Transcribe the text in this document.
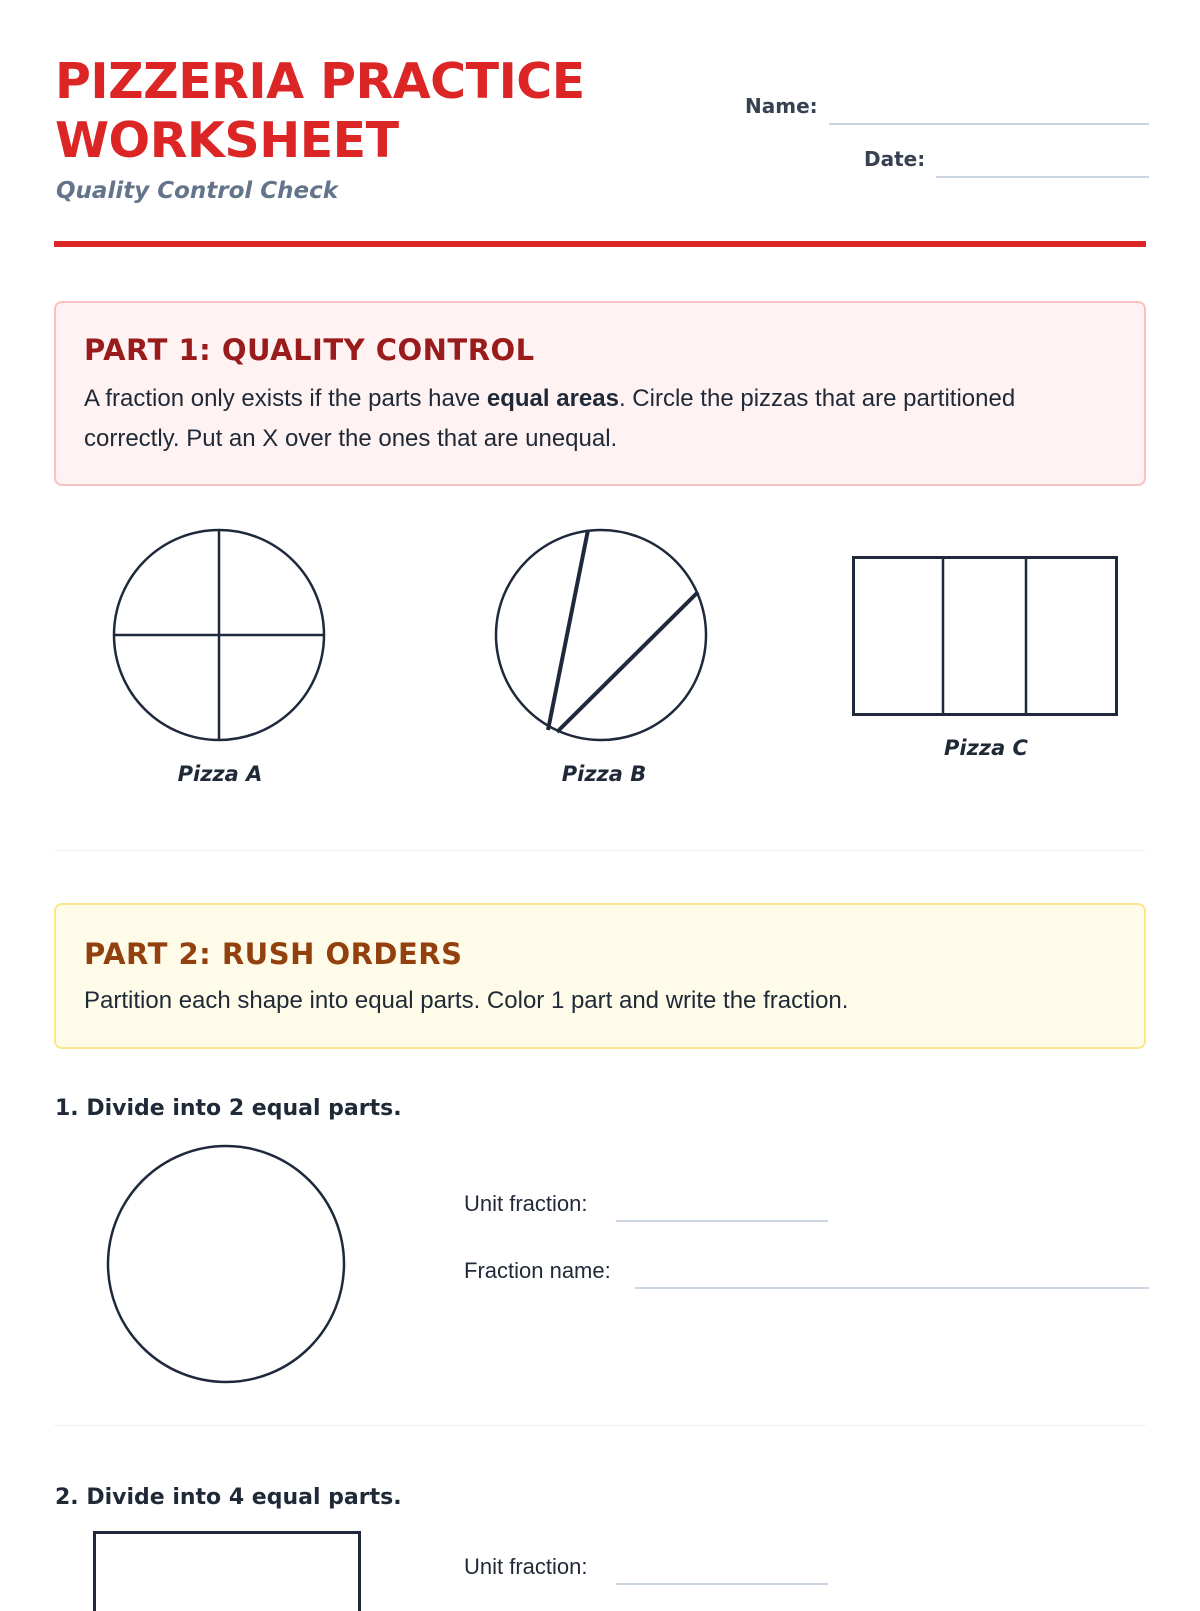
PIZZERIA PRACTICE WORKSHEET
Quality Control Check
Name:
Date:
PART 1: QUALITY CONTROL
A fraction only exists if the parts have equal areas. Circle the pizzas that are partitioned correctly. Put an X over the ones that are unequal.
Pizza A	Pizza B
Pizza C
PART 2: RUSH ORDERS
Partition each shape into equal parts. Color 1 part and write the fraction.
1. Divide into 2 equal parts.
Unit fraction:
Fraction name:
2. Divide into 4 equal parts.
Unit fraction:
